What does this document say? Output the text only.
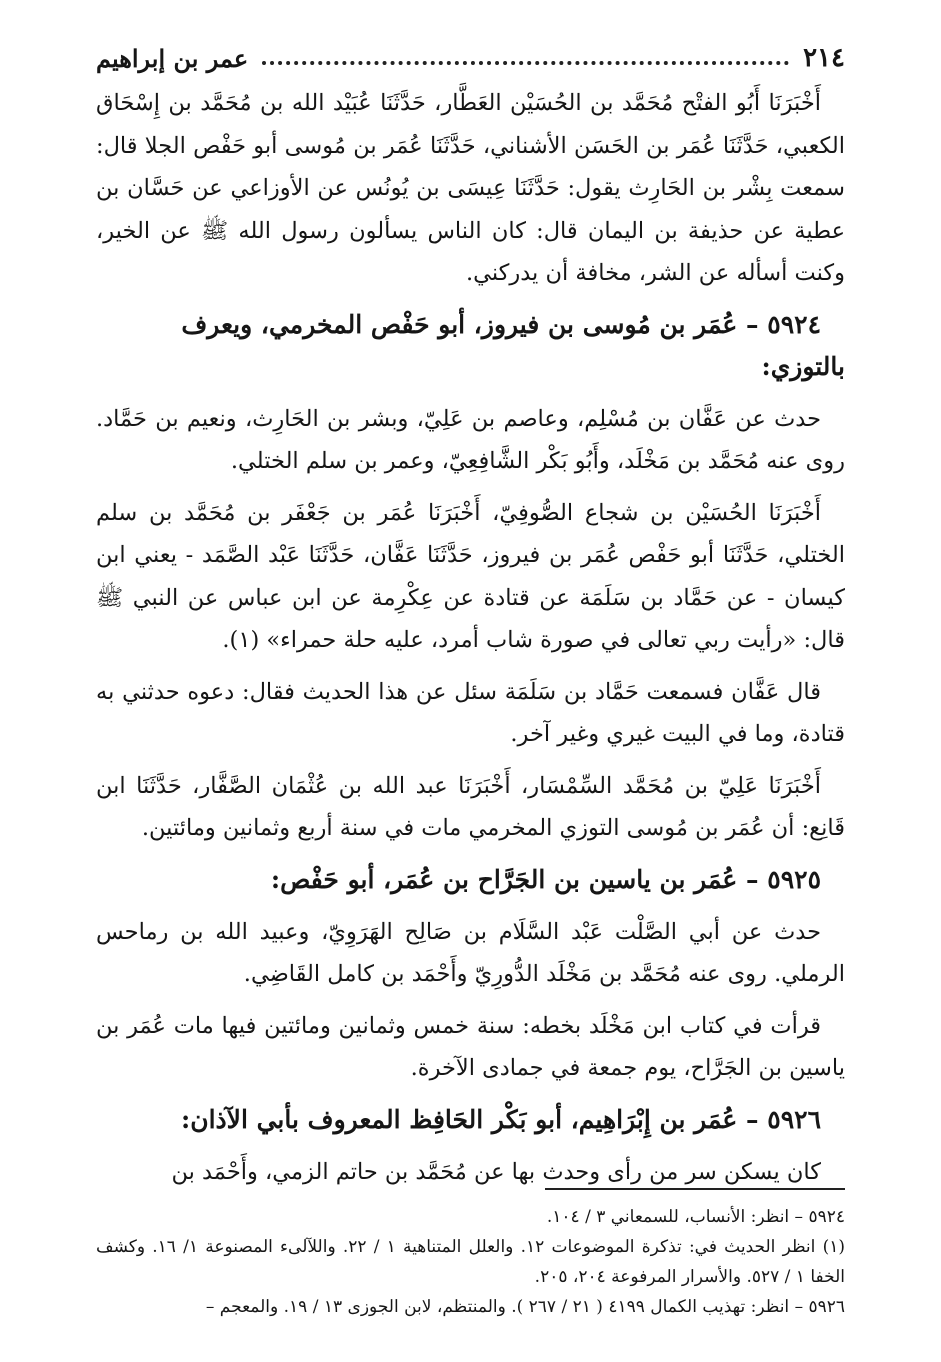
٢١٤
عمر بن إبراهيم

أَخْبَرَنَا أَبُو الفتْح مُحَمَّد بن الحُسَيْن العَطَّار، حَدَّثَنَا عُبَيْد الله بن مُحَمَّد بن إِسْحَاق الكعبي، حَدَّثَنَا عُمَر بن الحَسَن الأشناني، حَدَّثَنَا عُمَر بن مُوسى أبو حَفْص الجلا قال: سمعت بِشْر بن الحَارِث يقول: حَدَّثَنَا عِيسَى بن يُونُس عن الأوزاعي عن حَسَّان بن عطية عن حذيفة بن اليمان قال: كان الناس يسألون رسول الله ﷺ عن الخير، وكنت أسأله عن الشر، مخافة أن يدركني.

٥٩٢٤ – عُمَر بن مُوسى بن فيروز، أبو حَفْص المخرمي، ويعرف بالتوزي:

حدث عن عَفَّان بن مُسْلِم، وعاصم بن عَلِيّ، وبشر بن الحَارِث، ونعيم بن حَمَّاد. روى عنه مُحَمَّد بن مَخْلَد، وأَبُو بَكْر الشَّافِعِيّ، وعمر بن سلم الختلي.

أَخْبَرَنَا الحُسَيْن بن شجاع الصُّوفِيّ، أَخْبَرَنَا عُمَر بن جَعْفَر بن مُحَمَّد بن سلم الختلي، حَدَّثَنَا أبو حَفْص عُمَر بن فيروز، حَدَّثَنَا عَفَّان، حَدَّثَنَا عَبْد الصَّمَد - يعني ابن كيسان - عن حَمَّاد بن سَلَمَة عن قتادة عن عِكْرِمة عن ابن عباس عن النبي ﷺ قال: «رأيت ربي تعالى في صورة شاب أمرد، عليه حلة حمراء» (١).

قال عَفَّان فسمعت حَمَّاد بن سَلَمَة سئل عن هذا الحديث فقال: دعوه حدثني به قتادة، وما في البيت غيري وغير آخر.

أَخْبَرَنَا عَلِيّ بن مُحَمَّد السِّمْسَار، أَخْبَرَنَا عبد الله بن عُثْمَان الصَّفَّار، حَدَّثَنَا ابن قَانِع: أن عُمَر بن مُوسى التوزي المخرمي مات في سنة أربع وثمانين ومائتين.

٥٩٢٥ – عُمَر بن ياسين بن الجَرَّاح بن عُمَر، أبو حَفْص:

حدث عن أبي الصَّلْت عَبْد السَّلَام بن صَالِح الهَرَوِيّ، وعبيد الله بن رماحس الرملي. روى عنه مُحَمَّد بن مَخْلَد الدُّورِيّ وأَحْمَد بن كامل القَاضِي.

قرأت في كتاب ابن مَخْلَد بخطه: سنة خمس وثمانين ومائتين فيها مات عُمَر بن ياسين بن الجَرَّاح، يوم جمعة في جمادى الآخرة.

٥٩٢٦ – عُمَر بن إِبْرَاهِيم، أبو بَكْر الحَافِظ المعروف بأبي الآذان:

كان يسكن سر من رأى وحدث بها عن مُحَمَّد بن حاتم الزمي، وأَحْمَد بن

٥٩٢٤ – انظر: الأنساب، للسمعاني ٣ / ١٠٤.

(١) انظر الحديث في: تذكرة الموضوعات ١٢. والعلل المتناهية ١ / ٢٢. واللآلىء المصنوعة ١/ ١٦. وكشف الخفا ١ / ٥٢٧. والأسرار المرفوعة ٢٠٤، ٢٠٥.

٥٩٢٦ – انظر: تهذيب الكمال ٤١٩٩ ( ٢١ / ٢٦٧ ). والمنتظم، لابن الجوزى ١٣ / ١٩. والمعجم –
